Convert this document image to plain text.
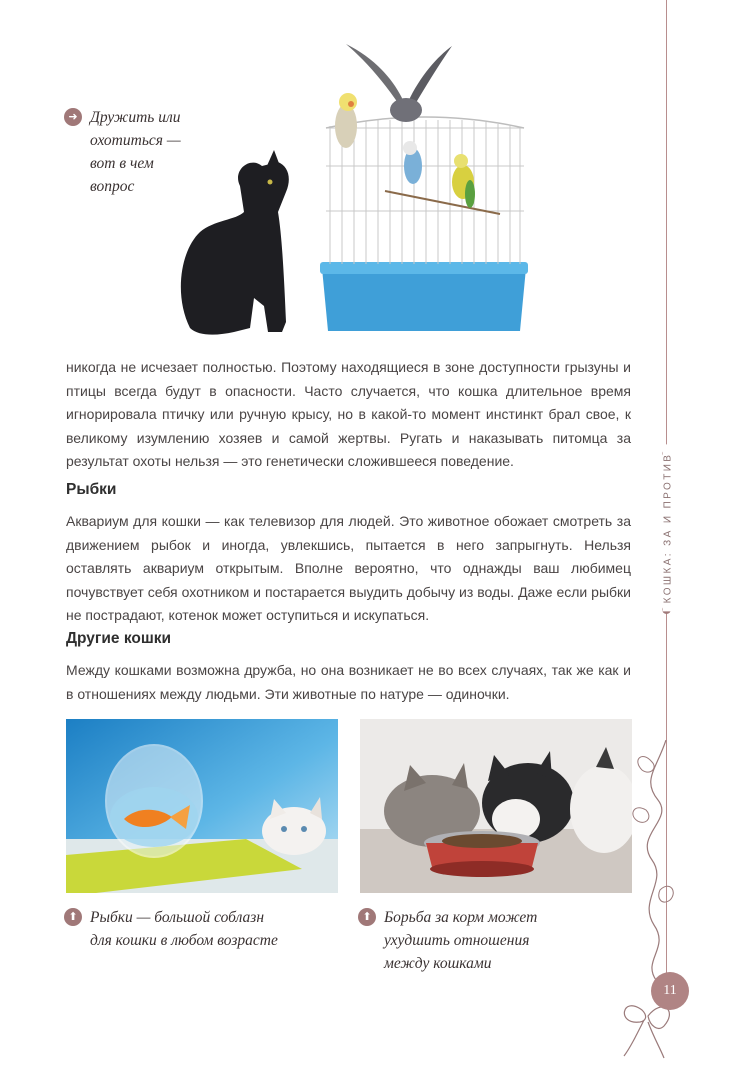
КОШКА: ЗА И ПРОТИВ
11
➜ Дружить или
охотиться —
вот в чем
вопрос
никогда не исчезает полностью. Поэтому находящиеся в зоне доступности грызуны и птицы всегда будут в опасности. Часто случается, что кошка длительное время игнорировала птичку или ручную крысу, но в какой-то момент инстинкт брал свое, к великому изумлению хозяев и самой жертвы. Ругать и наказывать питомца за результат охоты нельзя — это генетически сложившееся поведение.
Рыбки
Аквариум для кошки — как телевизор для людей. Это животное обожает смотреть за движением рыбок и иногда, увлекшись, пытается в него запрыгнуть. Нельзя оставлять аквариум открытым. Вполне вероятно, что однажды ваш любимец почувствует себя охотником и постарается выудить добычу из воды. Даже если рыбки не пострадают, котенок может оступиться и искупаться.
Другие кошки
Между кошками возможна дружба, но она возникает не во всех случаях, так же как и в отношениях между людьми. Эти животные по натуре — одиночки.
⬆ Рыбки — большой соблазн
для кошки в любом возрасте
⬆ Борьба за корм может
ухудшить отношения
между кошками
